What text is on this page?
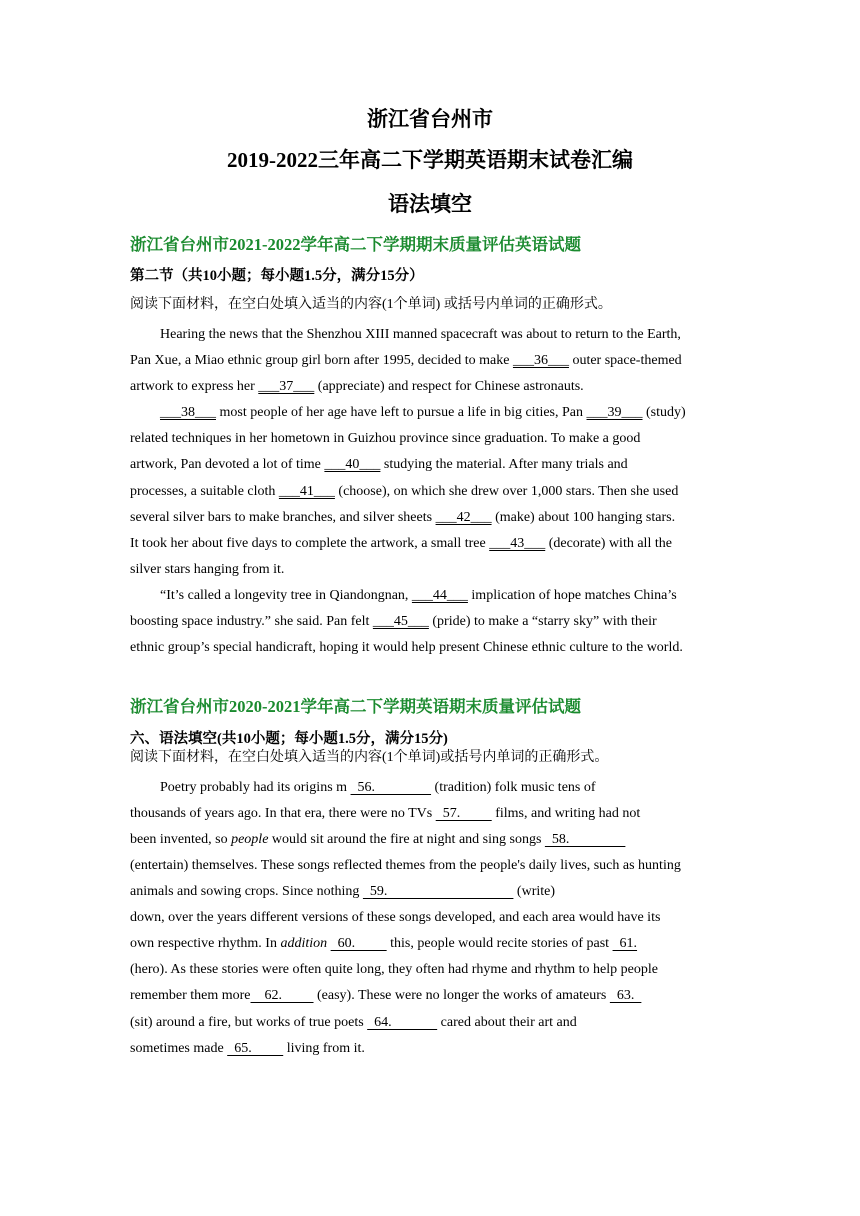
浙江省台州市
2019-2022三年高二下学期英语期末试卷汇编
语法填空
浙江省台州市2021-2022学年高二下学期期末质量评估英语试题
第二节（共10小题；每小题1.5分，满分15分）
阅读下面材料，在空白处填入适当的内容(1个单词) 或括号内单词的正确形式。
Hearing the news that the Shenzhou XIII manned spacecraft was about to return to the Earth,
Pan Xue, a Miao ethnic group girl born after 1995, decided to make ___36___ outer space-themed
artwork to express her ___37___ (appreciate) and respect for Chinese astronauts.
___38___ most people of her age have left to pursue a life in big cities, Pan ___39___ (study)
related techniques in her hometown in Guizhou province since graduation. To make a good
artwork, Pan devoted a lot of time ___40___ studying the material. After many trials and
processes, a suitable cloth ___41___ (choose), on which she drew over 1,000 stars. Then she used
several silver bars to make branches, and silver sheets ___42___ (make) about 100 hanging stars.
It took her about five days to complete the artwork, a small tree ___43___ (decorate) with all the
silver stars hanging from it.
“It’s called a longevity tree in Qiandongnan, ___44___ implication of hope matches China’s
boosting space industry.” she said. Pan felt ___45___ (pride) to make a “starry sky” with their
ethnic group’s special handicraft, hoping it would help present Chinese ethnic culture to the world.
浙江省台州市2020-2021学年高二下学期英语期末质量评估试题
六、语法填空(共10小题；每小题1.5分，满分15分)
阅读下面材料，在空白处填入适当的内容(1个单词)或括号内单词的正确形式。
Poetry probably had its origins m   56.                 (tradition) folk music tens of
thousands of years ago. In that era, there were no TVs   57.          films, and writing had not
been invented, so people would sit around the fire at night and sing songs   58.
(entertain) themselves. These songs reflected themes from the people's daily lives, such as hunting
animals and sowing crops. Since nothing   59.                                     (write)
down, over the years different versions of these songs developed, and each area would have its
own respective rhythm. In addition   60.          this, people would recite stories of past   61.
(hero). As these stories were often quite long, they often had rhyme and rhythm to help people
remember them more    62.          (easy). These were no longer the works of amateurs   63.
(sit) around a fire, but works of true poets   64.              cared about their art and
sometimes made   65.          living from it.
